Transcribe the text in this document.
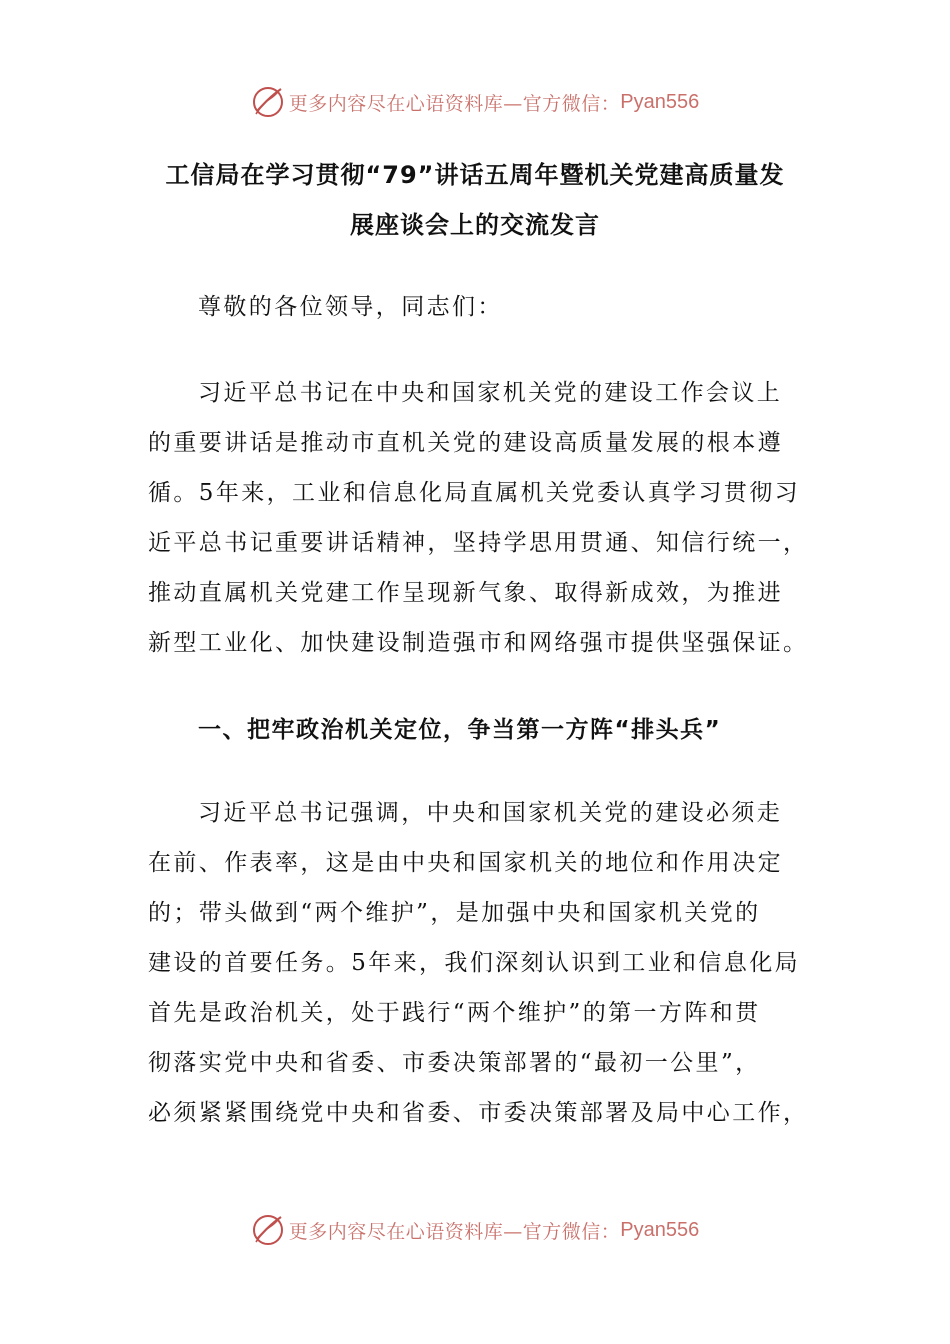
更多内容尽在心语资料库—官方微信： Pyan556
工信局在学习贯彻“79”讲话五周年暨机关党建高质量发
展座谈会上的交流发言
尊敬的各位领导，同志们：
习近平总书记在中央和国家机关党的建设工作会议上
的重要讲话是推动市直机关党的建设高质量发展的根本遵
循。5年来，工业和信息化局直属机关党委认真学习贯彻习
近平总书记重要讲话精神，坚持学思用贯通、知信行统一，
推动直属机关党建工作呈现新气象、取得新成效，为推进
新型工业化、加快建设制造强市和网络强市提供坚强保证。
一、把牢政治机关定位，争当第一方阵“排头兵”
习近平总书记强调，中央和国家机关党的建设必须走
在前、作表率，这是由中央和国家机关的地位和作用决定
的；带头做到“两个维护”，是加强中央和国家机关党的
建设的首要任务。5年来，我们深刻认识到工业和信息化局
首先是政治机关，处于践行“两个维护”的第一方阵和贯
彻落实党中央和省委、市委决策部署的“最初一公里”，
必须紧紧围绕党中央和省委、市委决策部署及局中心工作，
更多内容尽在心语资料库—官方微信： Pyan556
